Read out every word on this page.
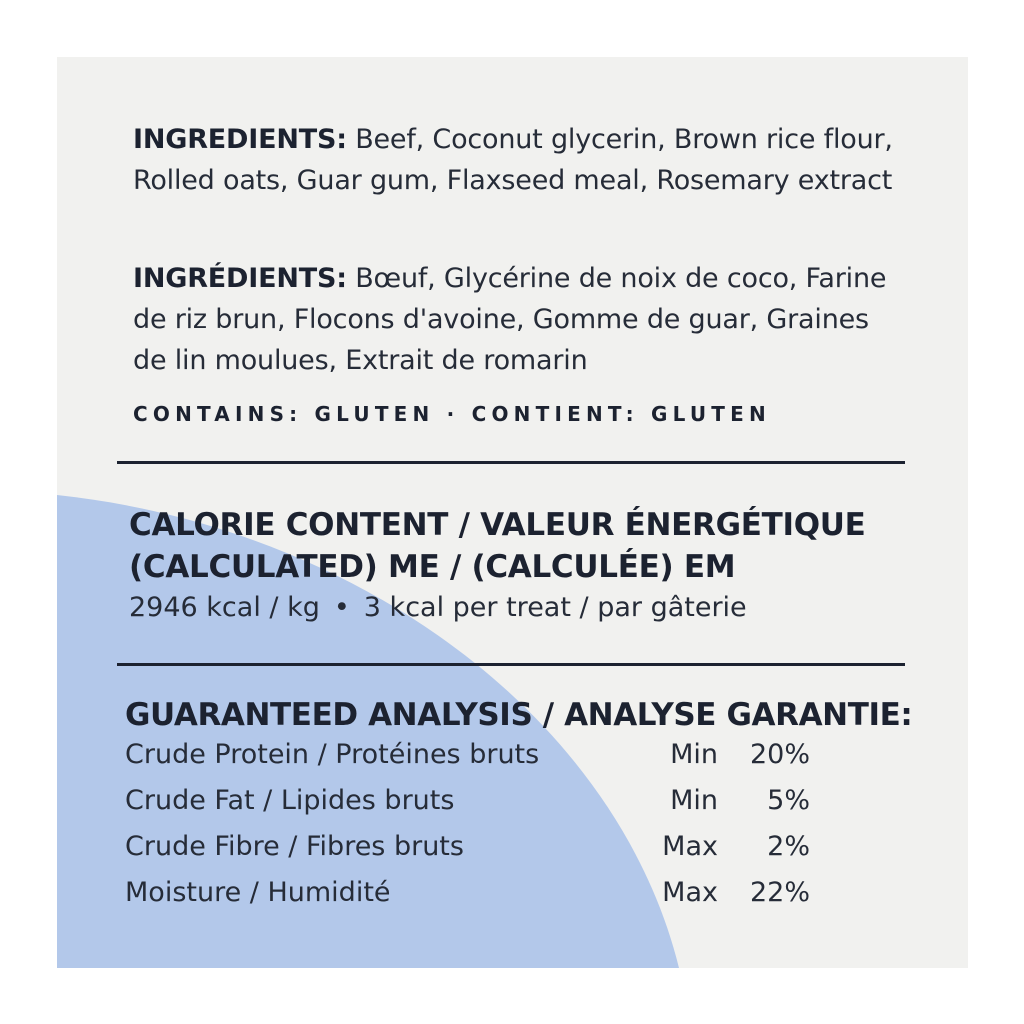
INGREDIENTS: Beef, Coconut glycerin, Brown rice flour, Rolled oats, Guar gum, Flaxseed meal, Rosemary extract
INGRÉDIENTS: Bœuf, Glycérine de noix de coco, Farine de riz brun, Flocons d'avoine, Gomme de guar, Graines de lin moulues, Extrait de romarin
CONTAINS: GLUTEN · CONTIENT: GLUTEN
CALORIE CONTENT / VALEUR ÉNERGÉTIQUE
(CALCULATED) ME / (CALCULÉE) EM
2946 kcal / kg • 3 kcal per treat / par gâterie
GUARANTEED ANALYSIS / ANALYSE GARANTIE:
Crude Protein / Protéines bruts	Min 20%
Crude Fat / Lipides bruts	Min 5%
Crude Fibre / Fibres bruts	Max 2%
Moisture / Humidité	Max 22%
